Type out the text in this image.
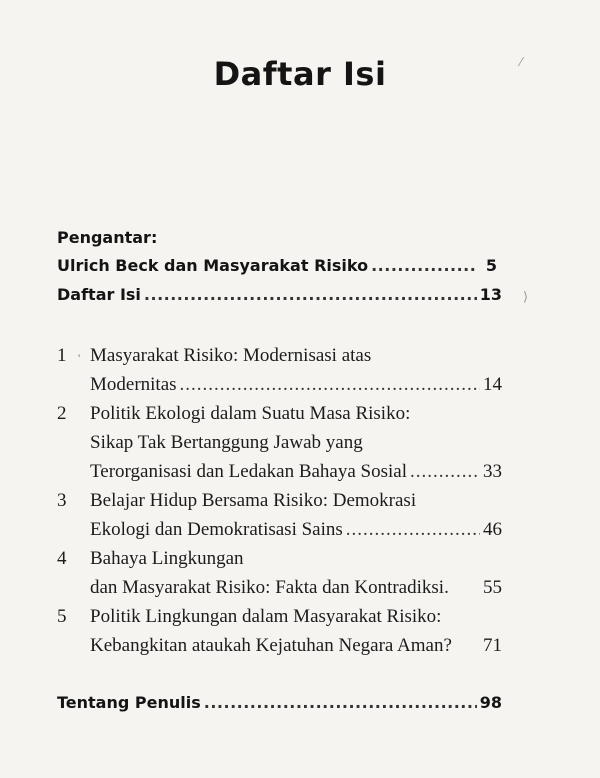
Daftar Isi
Pengantar:
Ulrich Beck dan Masyarakat Risiko .....	5
Daftar Isi .....	13 ⟩
⁄
1 ' Masyarakat Risiko: Modernisasi atas
Modernitas .....	14
2 Politik Ekologi dalam Suatu Masa Risiko:
Sikap Tak Bertanggung Jawab yang
Terorganisasi dan Ledakan Bahaya Sosial .....	33
3 Belajar Hidup Bersama Risiko: Demokrasi
Ekologi dan Demokratisasi Sains .....	46
4 Bahaya Lingkungan
dan Masyarakat Risiko: Fakta dan Kontradiksi. 55
5 Politik Lingkungan dalam Masyarakat Risiko:
Kebangkitan ataukah Kejatuhan Negara Aman? 71
Tentang Penulis .....	98
